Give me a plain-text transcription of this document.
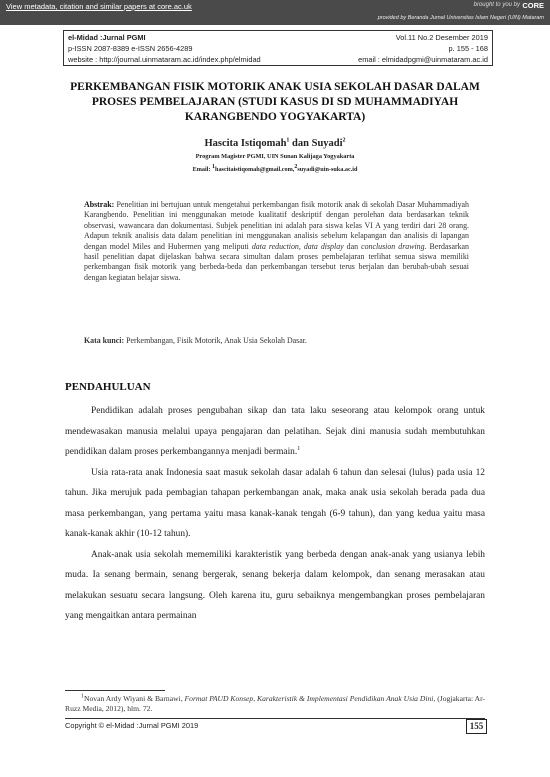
View metadata, citation and similar papers at core.ac.uk	brought to you by CORE
provided by Beranda Jurnal Universitas Islam Negeri (UIN) Mataram
el-Midad :Jurnal PGMI	Vol.11 No.2 Desember 2019
p-ISSN 2087-8389 e-ISSN 2656-4289	p. 155 - 168
website : http://journal.uinmataram.ac.id/index.php/elmidad	email : elmidadpgmi@uinmataram.ac.id
PERKEMBANGAN FISIK MOTORIK ANAK USIA SEKOLAH DASAR DALAM PROSES PEMBELAJARAN (STUDI KASUS DI SD MUHAMMADIYAH KARANGBENDO YOGYAKARTA)
Hascita Istiqomah$^1$ dan Suyadi$^2$
Program Magister PGMI, UIN Sunan Kalijaga Yogyakarta
Email: $^1$hascitaistiqomah@gmail.com,$^2$suyadi@uin-suka.ac.id
Abstrak: Penelitian ini bertujuan untuk mengetahui perkembangan fisik motorik anak di sekolah Dasar Muhammadiyah Karangbendo. Penelitian ini menggunakan metode kualitatif deskriptif dengan perolehan data berdasarkan teknik observasi, wawancara dan dokumentasi. Subjek penelitian ini adalah para siswa kelas VI A yang terdiri dari 28 orang. Adapun teknik analisis data dalam penelitian ini menggunakan analisis sebelum kelapangan dan analisis di lapangan dengan model Miles and Hubermen yang meliputi data reduction, data display dan conclusion drawing. Berdasarkan hasil penelitian dapat dijelaskan bahwa secara simultan dalam proses pembelajaran terlihat semua siswa memiliki perkembangan fisik motorik yang berbeda-beda dan perkembangan tersebut terus berjalan dan berubah-ubah sesuai dengan kegiatan belajar siswa.
Kata kunci: Perkembangan, Fisik Motorik, Anak Usia Sekolah Dasar.
PENDAHULUAN

Pendidikan adalah proses pengubahan sikap dan tata laku seseorang atau kelompok orang untuk mendewasakan manusia melalui upaya pengajaran dan pelatihan. Sejak dini manusia sudah membutuhkan pendidikan dalam proses perkembangannya menjadi bermain.$^1$

Usia rata-rata anak Indonesia saat masuk sekolah dasar adalah 6 tahun dan selesai (lulus) pada usia 12 tahun. Jika merujuk pada pembagian tahapan perkembangan anak, maka anak usia sekolah berada pada dua masa perkembangan, yang pertama yaitu masa kanak-kanak tengah (6-9 tahun), dan yang kedua yaitu masa kanak-kanak akhir (10-12 tahun).

Anak-anak usia sekolah mememiliki karakteristik yang berbeda dengan anak-anak yang usianya lebih muda. Ia senang bermain, senang bergerak, senang bekerja dalam kelompok, dan senang merasakan atau melakukan sesuatu secara langsung. Oleh karena itu, guru sebaiknya mengembangkan proses pembelajaran yang mengaitkan antara permainan

$^1$Novan Ardy Wiyani & Barnawi, Format PAUD Konsep, Karakteristik & Implementasi Pendidikan Anak Usia Dini, (Jogjakarta: Ar-Ruzz Media, 2012), hlm. 72.
Copyright © el-Midad :Jurnal PGMI 2019	155
